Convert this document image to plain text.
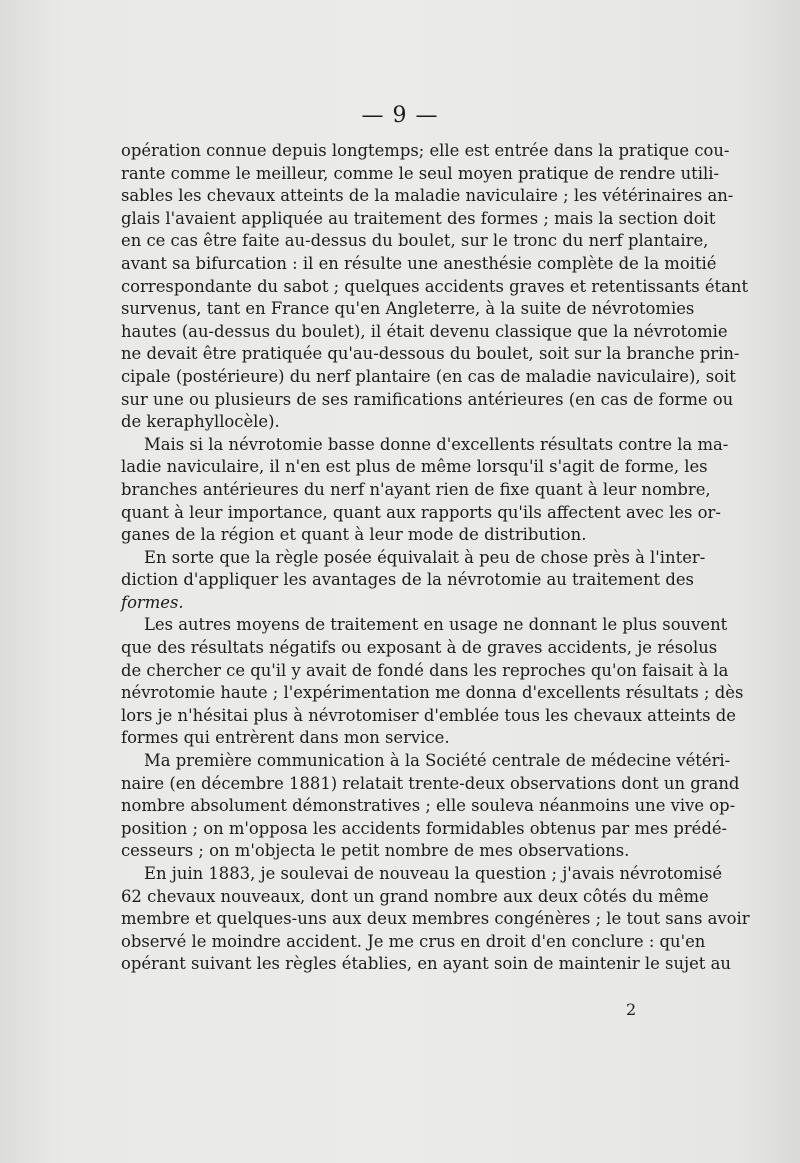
— 9 —
opération connue depuis longtemps; elle est entrée dans la pratique cou-
rante comme le meilleur, comme le seul moyen pratique de rendre utili-
sables les chevaux atteints de la maladie naviculaire ; les vétérinaires an-
glais l'avaient appliquée au traitement des formes ; mais la section doit
en ce cas être faite au-dessus du boulet, sur le tronc du nerf plantaire,
avant sa bifurcation : il en résulte une anesthésie complète de la moitié
correspondante du sabot ; quelques accidents graves et retentissants étant
survenus, tant en France qu'en Angleterre, à la suite de névrotomies
hautes (au-dessus du boulet), il était devenu classique que la névrotomie
ne devait être pratiquée qu'au-dessous du boulet, soit sur la branche prin-
cipale (postérieure) du nerf plantaire (en cas de maladie naviculaire), soit
sur une ou plusieurs de ses ramifications antérieures (en cas de forme ou
de keraphyllocèle).
Mais si la névrotomie basse donne d'excellents résultats contre la ma-
ladie naviculaire, il n'en est plus de même lorsqu'il s'agit de forme, les
branches antérieures du nerf n'ayant rien de fixe quant à leur nombre,
quant à leur importance, quant aux rapports qu'ils affectent avec les or-
ganes de la région et quant à leur mode de distribution.
En sorte que la règle posée équivalait à peu de chose près à l'inter-
diction d'appliquer les avantages de la névrotomie au traitement des
formes.
Les autres moyens de traitement en usage ne donnant le plus souvent
que des résultats négatifs ou exposant à de graves accidents, je résolus
de chercher ce qu'il y avait de fondé dans les reproches qu'on faisait à la
névrotomie haute ; l'expérimentation me donna d'excellents résultats ; dès
lors je n'hésitai plus à névrotomiser d'emblée tous les chevaux atteints de
formes qui entrèrent dans mon service.
Ma première communication à la Société centrale de médecine vétéri-
naire (en décembre 1881) relatait trente-deux observations dont un grand
nombre absolument démonstratives ; elle souleva néanmoins une vive op-
position ; on m'opposa les accidents formidables obtenus par mes prédé-
cesseurs ; on m'objecta le petit nombre de mes observations.
En juin 1883, je soulevai de nouveau la question ; j'avais névrotomisé
62 chevaux nouveaux, dont un grand nombre aux deux côtés du même
membre et quelques-uns aux deux membres congénères ; le tout sans avoir
observé le moindre accident. Je me crus en droit d'en conclure : qu'en
opérant suivant les règles établies, en ayant soin de maintenir le sujet au
2
